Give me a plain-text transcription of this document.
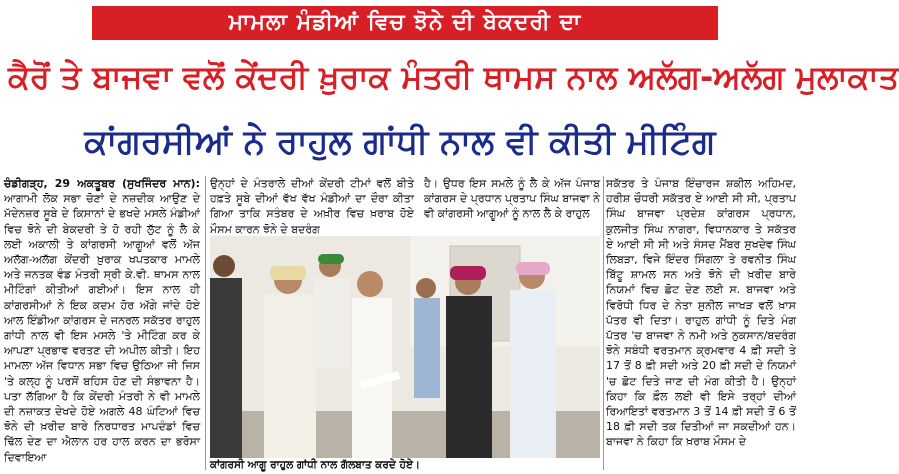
ਮਾਮਲਾ ਮੰਡੀਆਂ ਵਿਚ ਝੋਨੇ ਦੀ ਬੇਕਦਰੀ ਦਾ
ਕੈਰੋਂ ਤੇ ਬਾਜਵਾ ਵਲੋਂ ਕੇਂਦਰੀ ਖ਼ੁਰਾਕ ਮੰਤਰੀ ਥਾਮਸ ਨਾਲ ਅਲੱਗ-ਅਲੱਗ ਮੁਲਾਕਾਤ
ਕਾਂਗਰਸੀਆਂ ਨੇ ਰਾਹੁਲ ਗਾਂਧੀ ਨਾਲ ਵੀ ਕੀਤੀ ਮੀਟਿੰਗ
ਚੰਡੀਗੜ੍ਹ, 29 ਅਕਤੂਬਰ (ਸੁਖਜਿੰਦਰ ਮਾਨ): ਆਗਾਮੀ ਲੋਕ ਸਭਾ ਚੋਣਾਂ ਦੇ ਨਜ਼ਦੀਕ ਆਉਣ ਦੇ ਮੱਦੇਨਜ਼ਰ ਸੂਬੇ ਦੇ ਕਿਸਾਨਾਂ ਦੇ ਭਖਦੇ ਮਸਲੇ ਮੰਡੀਆਂ ਵਿਚ ਝੋਨੇ ਦੀ ਬੇਕਦਰੀ ਤੇ ਹੋ ਰਹੀ ਲੁੱਟ ਨੂੰ ਲੈ ਕੇ ਲਈ ਅਕਾਲੀ ਤੇ ਕਾਂਗਰਸੀ ਆਗੂਆਂ ਵਲੋਂ ਅੱਜ ਅਲੱਗ-ਅਲੱਗ ਕੇਂਦਰੀ ਖ਼ੁਰਾਕ ਖਪਤਕਾਰ ਮਾਮਲੇ ਅਤੇ ਜਨਤਕ ਵੰਡ ਮੰਤਰੀ ਸ੍ਰੀ ਕੇ.ਵੀ. ਥਾਮਸ ਨਾਲ ਮੀਟਿੰਗਾਂ ਕੀਤੀਆਂ ਗਈਆਂ। ਇਸ ਨਾਲ ਹੀ ਕਾਂਗਰਸੀਆਂ ਨੇ ਇਕ ਕਦਮ ਹੋਰ ਅੱਗੇ ਜਾਂਦੇ ਹੋਏ ਆਲ ਇੰਡੀਆ ਕਾਂਗਰਸ ਦੇ ਜਨਰਲ ਸਕੱਤਰ ਰਾਹੁਲ ਗਾਂਧੀ ਨਾਲ ਵੀ ਇਸ ਮਸਲੇ 'ਤੇ ਮੀਟਿੰਗ ਕਰ ਕੇ ਆਪਣਾ ਪ੍ਰਭਾਵ ਵਰਤਣ ਦੀ ਅਪੀਲ ਕੀਤੀ। ਇਹ ਮਾਮਲਾ ਅੱਜ ਵਿਧਾਨ ਸਭਾ ਵਿਚ ਉਠਿਆ ਜੀ ਜਿਸ 'ਤੇ ਕਲ੍ਹ ਨੂੰ ਪਰਸੋਂ ਬਹਿਸ ਹੋਣ ਦੀ ਸੰਭਾਵਨਾ ਹੈ। ਪਤਾ ਲੱਗਿਆ ਹੈ ਕਿ ਕੇਂਦਰੀ ਮੰਤਰੀ ਨੇ ਵੀ ਮਾਮਲੇ ਦੀ ਨਜ਼ਾਕਤ ਦੇਖਦੇ ਹੋਏ ਅਗਲੇ 48 ਘੰਟਿਆਂ ਵਿਚ ਝੋਨੇ ਦੀ ਖ਼ਰੀਦ ਬਾਰੇ ਨਿਰਧਾਰਤ ਮਾਪਦੰਡਾਂ ਵਿਚ ਢਿੱਲ ਦੇਣ ਦਾ ਐਲਾਨ ਹਰ ਹਾਲ ਕਰਨ ਦਾ ਭਰੋਸਾ ਦਿਵਾਇਆ
ਉਨ੍ਹਾਂ ਦੇ ਮੰਤਰਾਲੇ ਦੀਆਂ ਕੇਂਦਰੀ ਟੀਮਾਂ ਵਲੋਂ ਬੀਤੇ ਹਫ਼ਤੇ ਸੂਬੇ ਦੀਆਂ ਵੱਖ ਵੱਖ ਮੰਡੀਆਂ ਦਾ ਦੌਰਾ ਕੀਤਾ ਗਿਆ ਤਾਕਿ ਸਤੰਬਰ ਦੇ ਅਖ਼ੀਰ ਵਿਚ ਖ਼ਰਾਬ ਹੋਏ ਮੌਸਮ ਕਾਰਨ ਝੋਨੇ ਦੇ ਬਦਰੰਗ
ਹੈ। ਉਧਰ ਇਸ ਸਮਲੇ ਨੂੰ ਲੈ ਕੇ ਅੱਜ ਪੰਜਾਬ ਕਾਂਗਰਸ ਦੇ ਪ੍ਰਧਾਨ ਪ੍ਰਤਾਪ ਸਿੰਘ ਬਾਜਵਾ ਨੇ ਵੀ ਕਾਂਗਰਸੀ ਆਗੂਆਂ ਨੂੰ ਨਾਲ ਲੈ ਕੇ ਰਾਹੁਲ
ਸਕੱਤਰ ਤੇ ਪੰਜਾਬ ਇੰਚਾਰਜ ਸ਼ਕੀਲ ਅਹਿਮਦ, ਹਰੀਸ਼ ਚੌਧਰੀ ਸਕੱਤਰ ਏ ਆਈ ਸੀ ਸੀ, ਪ੍ਰਤਾਪ ਸਿੰਘ ਬਾਜਵਾ ਪ੍ਰਦੇਸ਼ ਕਾਂਗਰਸ ਪ੍ਰਧਾਨ, ਕੁਲਜੀਤ ਸਿੰਘ ਨਾਗਰਾ, ਵਿਧਾਨਕਾਰ ਤੇ ਸਕੱਤਰ ਏ ਆਈ ਸੀ ਸੀ ਅਤੇ ਸੰਸਦ ਮੈਂਬਰ ਸੁਖਦੇਵ ਸਿੰਘ ਲਿਬੜਾ, ਵਿਜੇ ਇੰਦਰ ਸਿੰਗਲਾ ਤੇ ਰਵਨੀਤ ਸਿੰਘ ਬਿੱਟੂ ਸ਼ਾਮਲ ਸਨ ਅਤੇ ਝੋਨੇ ਦੀ ਖ਼ਰੀਦ ਬਾਰੇ ਨਿਯਮਾਂ ਵਿਚ ਛੋਟ ਦੇਣ ਲਈ ਸ. ਬਾਜਵਾ ਅਤੇ ਵਿਰੋਧੀ ਧਿਰ ਦੇ ਨੇਤਾ ਸੁਨੀਲ ਜਾਖੜ ਵਲੋਂ ਖ਼ਾਸ ਪੱਤਰ ਵੀ ਦਿਤਾ। ਰਾਹੁਲ ਗਾਂਧੀ ਨੂੰ ਦਿਤੇ ਮੰਗ ਪੱਤਰ 'ਚ ਬਾਜਵਾ ਨੇ ਨਮੀ ਅਤੇ ਨੁਕਸਾਨ/ਬਦਰੰਗ ਝੋਨੇ ਸਬੰਧੀ ਵਰਤਮਾਨ ਕ੍ਰਮਵਾਰ 4 ਫ਼ੀ ਸਦੀ ਤੇ 17 ਤੋਂ 8 ਫ਼ੀ ਸਦੀ ਅਤੇ 20 ਫ਼ੀ ਸਦੀ ਦੇ ਨਿਯਮਾਂ 'ਚ ਛੋਟ ਦਿਤੇ ਜਾਣ ਦੀ ਮੰਗ ਕੀਤੀ ਹੈ। ਉਨ੍ਹਾਂ ਕਿਹਾ ਕਿ ਫ਼ੌਲ ਲਈ ਵੀ ਇਸੇ ਤਰ੍ਹਾਂ ਦੀਆਂ ਰਿਆਇਤਾਂ ਵਰਤਮਾਨ 3 ਤੋਂ 14 ਫ਼ੀ ਸਦੀ ਤੋਂ 6 ਤੋਂ 18 ਫ਼ੀ ਸਦੀ ਤਕ ਦਿਤੀਆਂ ਜਾ ਸਕਦੀਆਂ ਹਨ। ਬਾਜਵਾ ਨੇ ਕਿਹਾ ਕਿ ਖ਼ਰਾਬ ਮੌਸਮ ਦੇ
ਕਾਂਗਰਸੀ ਆਗੂ ਰਾਹੁਲ ਗਾਂਧੀ ਨਾਲ ਗੱਲਬਾਤ ਕਰਦੇ ਹੋਏ।
